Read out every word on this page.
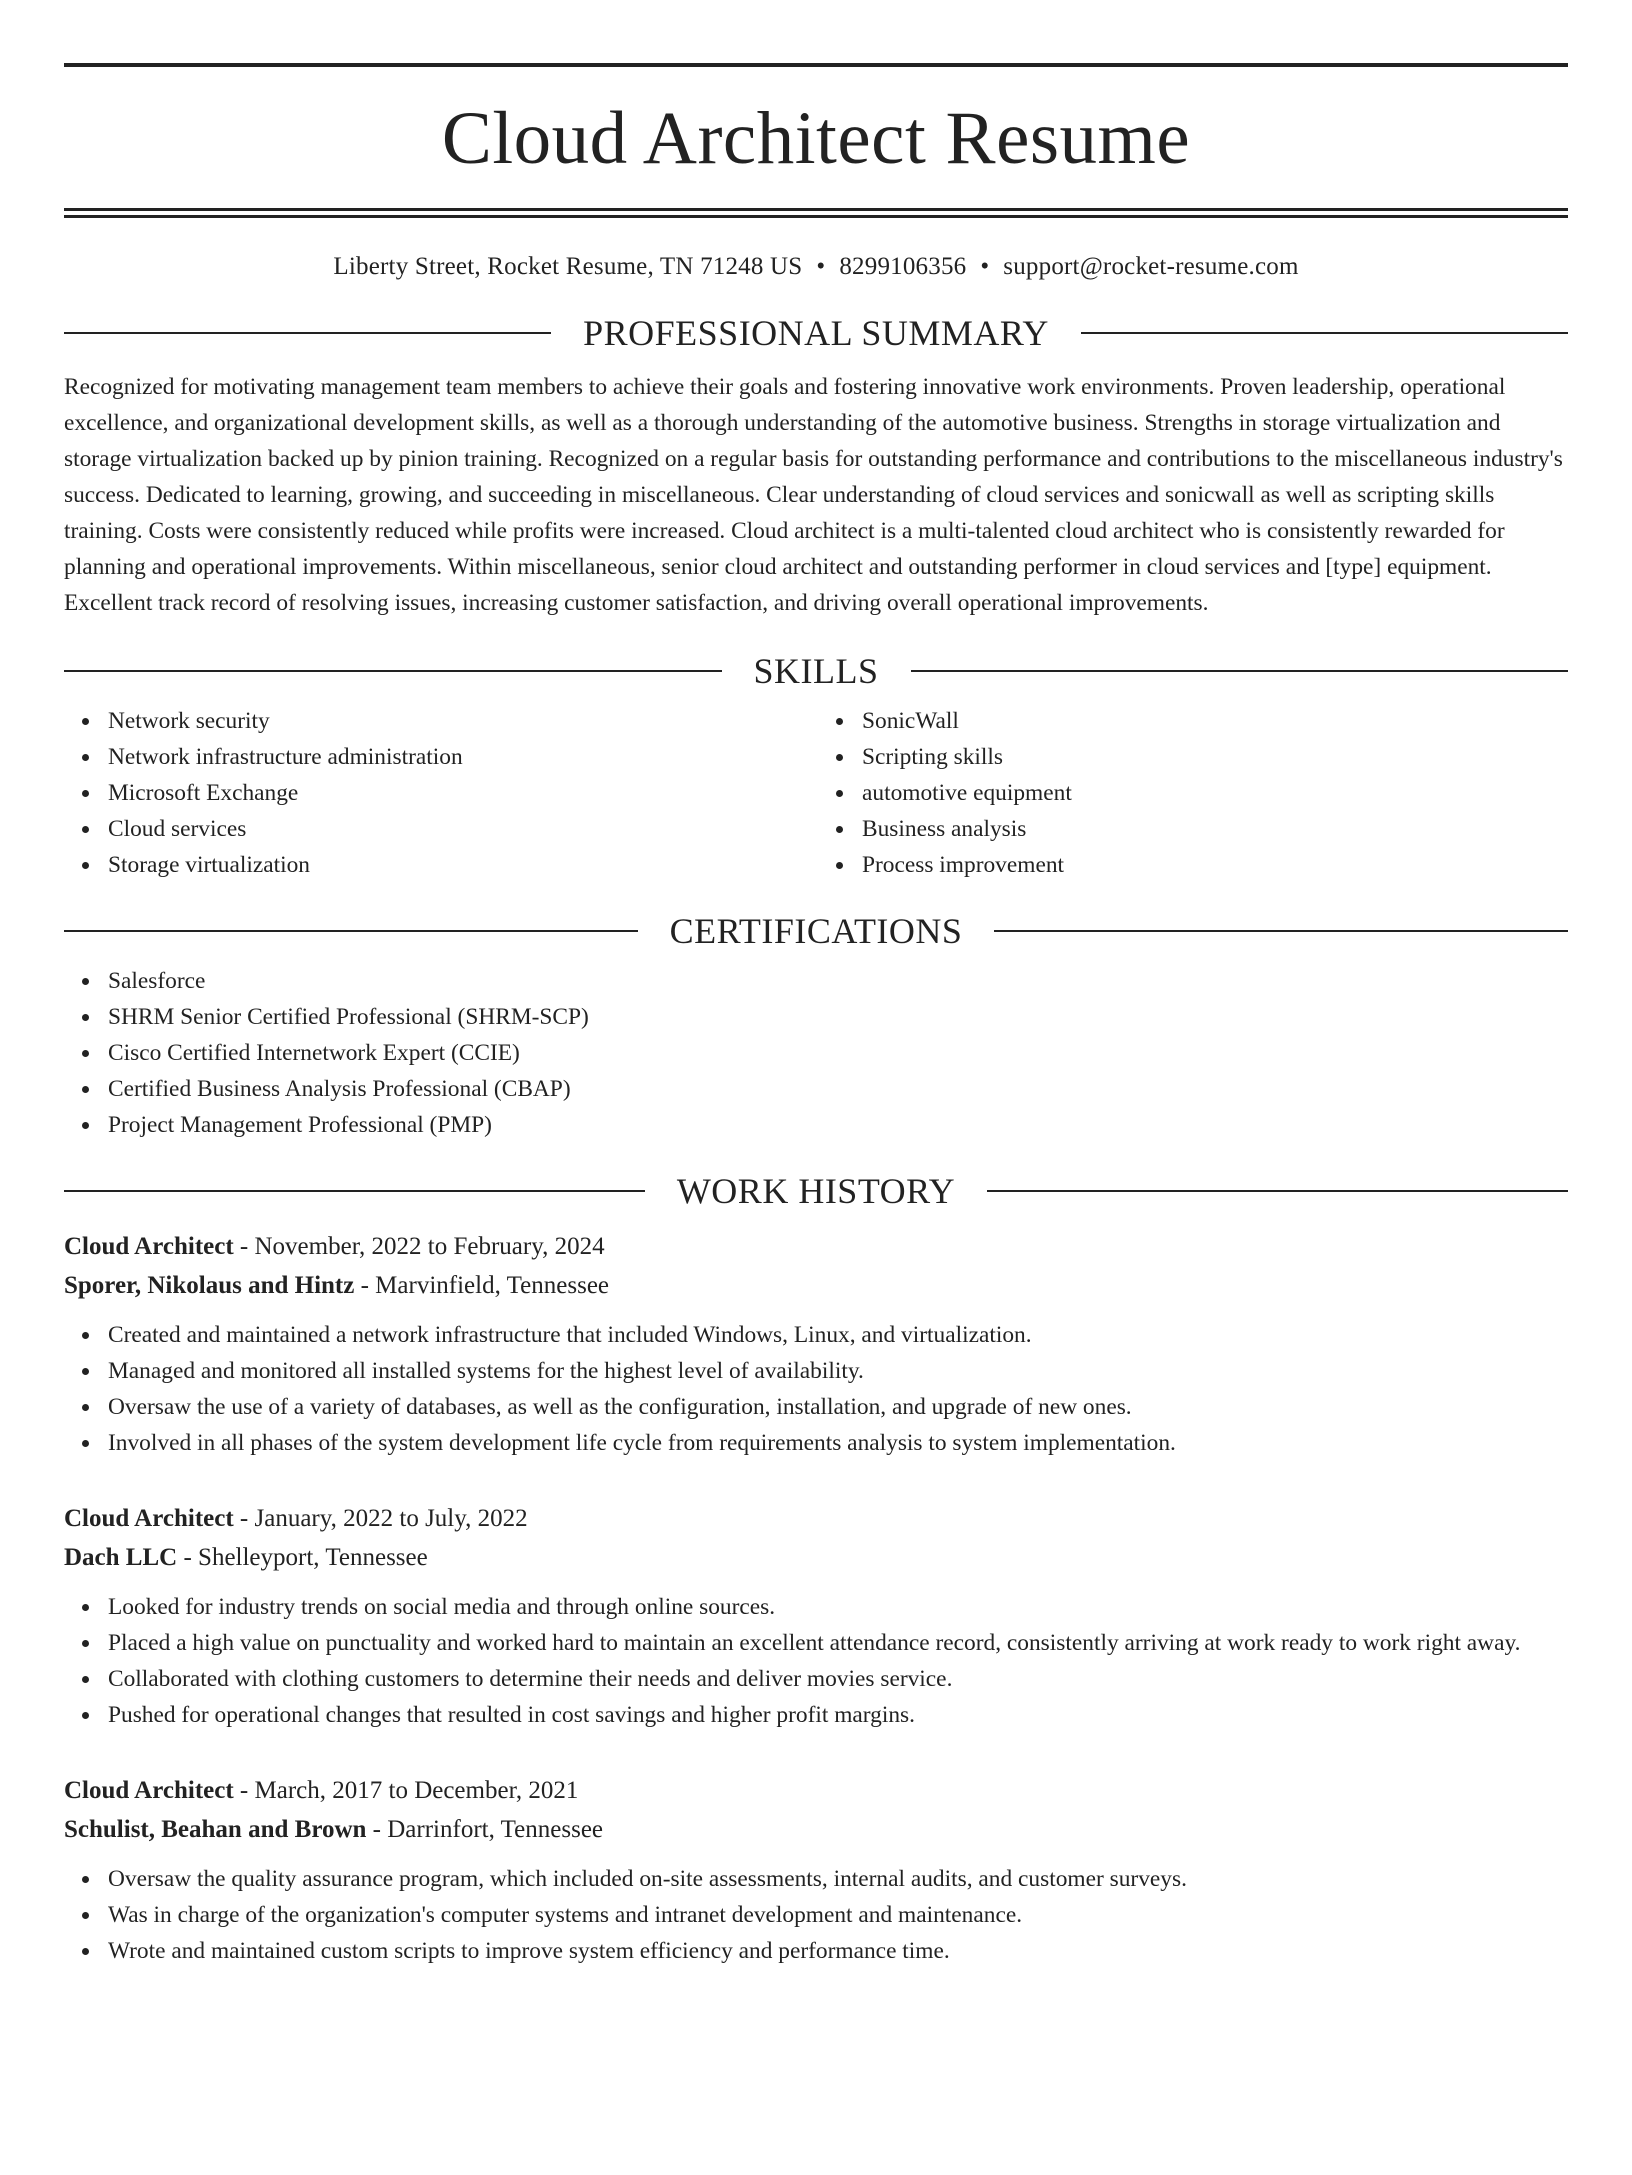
Cloud Architect Resume
Liberty Street, Rocket Resume, TN 71248 US • 8299106356 • support@rocket-resume.com
PROFESSIONAL SUMMARY

Recognized for motivating management team members to achieve their goals and fostering innovative work environments. Proven leadership, operational excellence, and organizational development skills, as well as a thorough understanding of the automotive business. Strengths in storage virtualization and storage virtualization backed up by pinion training. Recognized on a regular basis for outstanding performance and contributions to the miscellaneous industry's success. Dedicated to learning, growing, and succeeding in miscellaneous. Clear understanding of cloud services and sonicwall as well as scripting skills training. Costs were consistently reduced while profits were increased. Cloud architect is a multi-talented cloud architect who is consistently rewarded for planning and operational improvements. Within miscellaneous, senior cloud architect and outstanding performer in cloud services and [type] equipment. Excellent track record of resolving issues, increasing customer satisfaction, and driving overall operational improvements.

SKILLS
Network security
Network infrastructure administration
Microsoft Exchange
Cloud services
Storage virtualization
SonicWall
Scripting skills
automotive equipment
Business analysis
Process improvement
CERTIFICATIONS
Salesforce
SHRM Senior Certified Professional (SHRM-SCP)
Cisco Certified Internetwork Expert (CCIE)
Certified Business Analysis Professional (CBAP)
Project Management Professional (PMP)
WORK HISTORY
Cloud Architect - November, 2022 to February, 2024
Sporer, Nikolaus and Hintz - Marvinfield, Tennessee
Created and maintained a network infrastructure that included Windows, Linux, and virtualization.
Managed and monitored all installed systems for the highest level of availability.
Oversaw the use of a variety of databases, as well as the configuration, installation, and upgrade of new ones.
Involved in all phases of the system development life cycle from requirements analysis to system implementation.
Cloud Architect - January, 2022 to July, 2022
Dach LLC - Shelleyport, Tennessee
Looked for industry trends on social media and through online sources.
Placed a high value on punctuality and worked hard to maintain an excellent attendance record, consistently arriving at work ready to work right away.
Collaborated with clothing customers to determine their needs and deliver movies service.
Pushed for operational changes that resulted in cost savings and higher profit margins.
Cloud Architect - March, 2017 to December, 2021
Schulist, Beahan and Brown - Darrinfort, Tennessee
Oversaw the quality assurance program, which included on-site assessments, internal audits, and customer surveys.
Was in charge of the organization's computer systems and intranet development and maintenance.
Wrote and maintained custom scripts to improve system efficiency and performance time.
